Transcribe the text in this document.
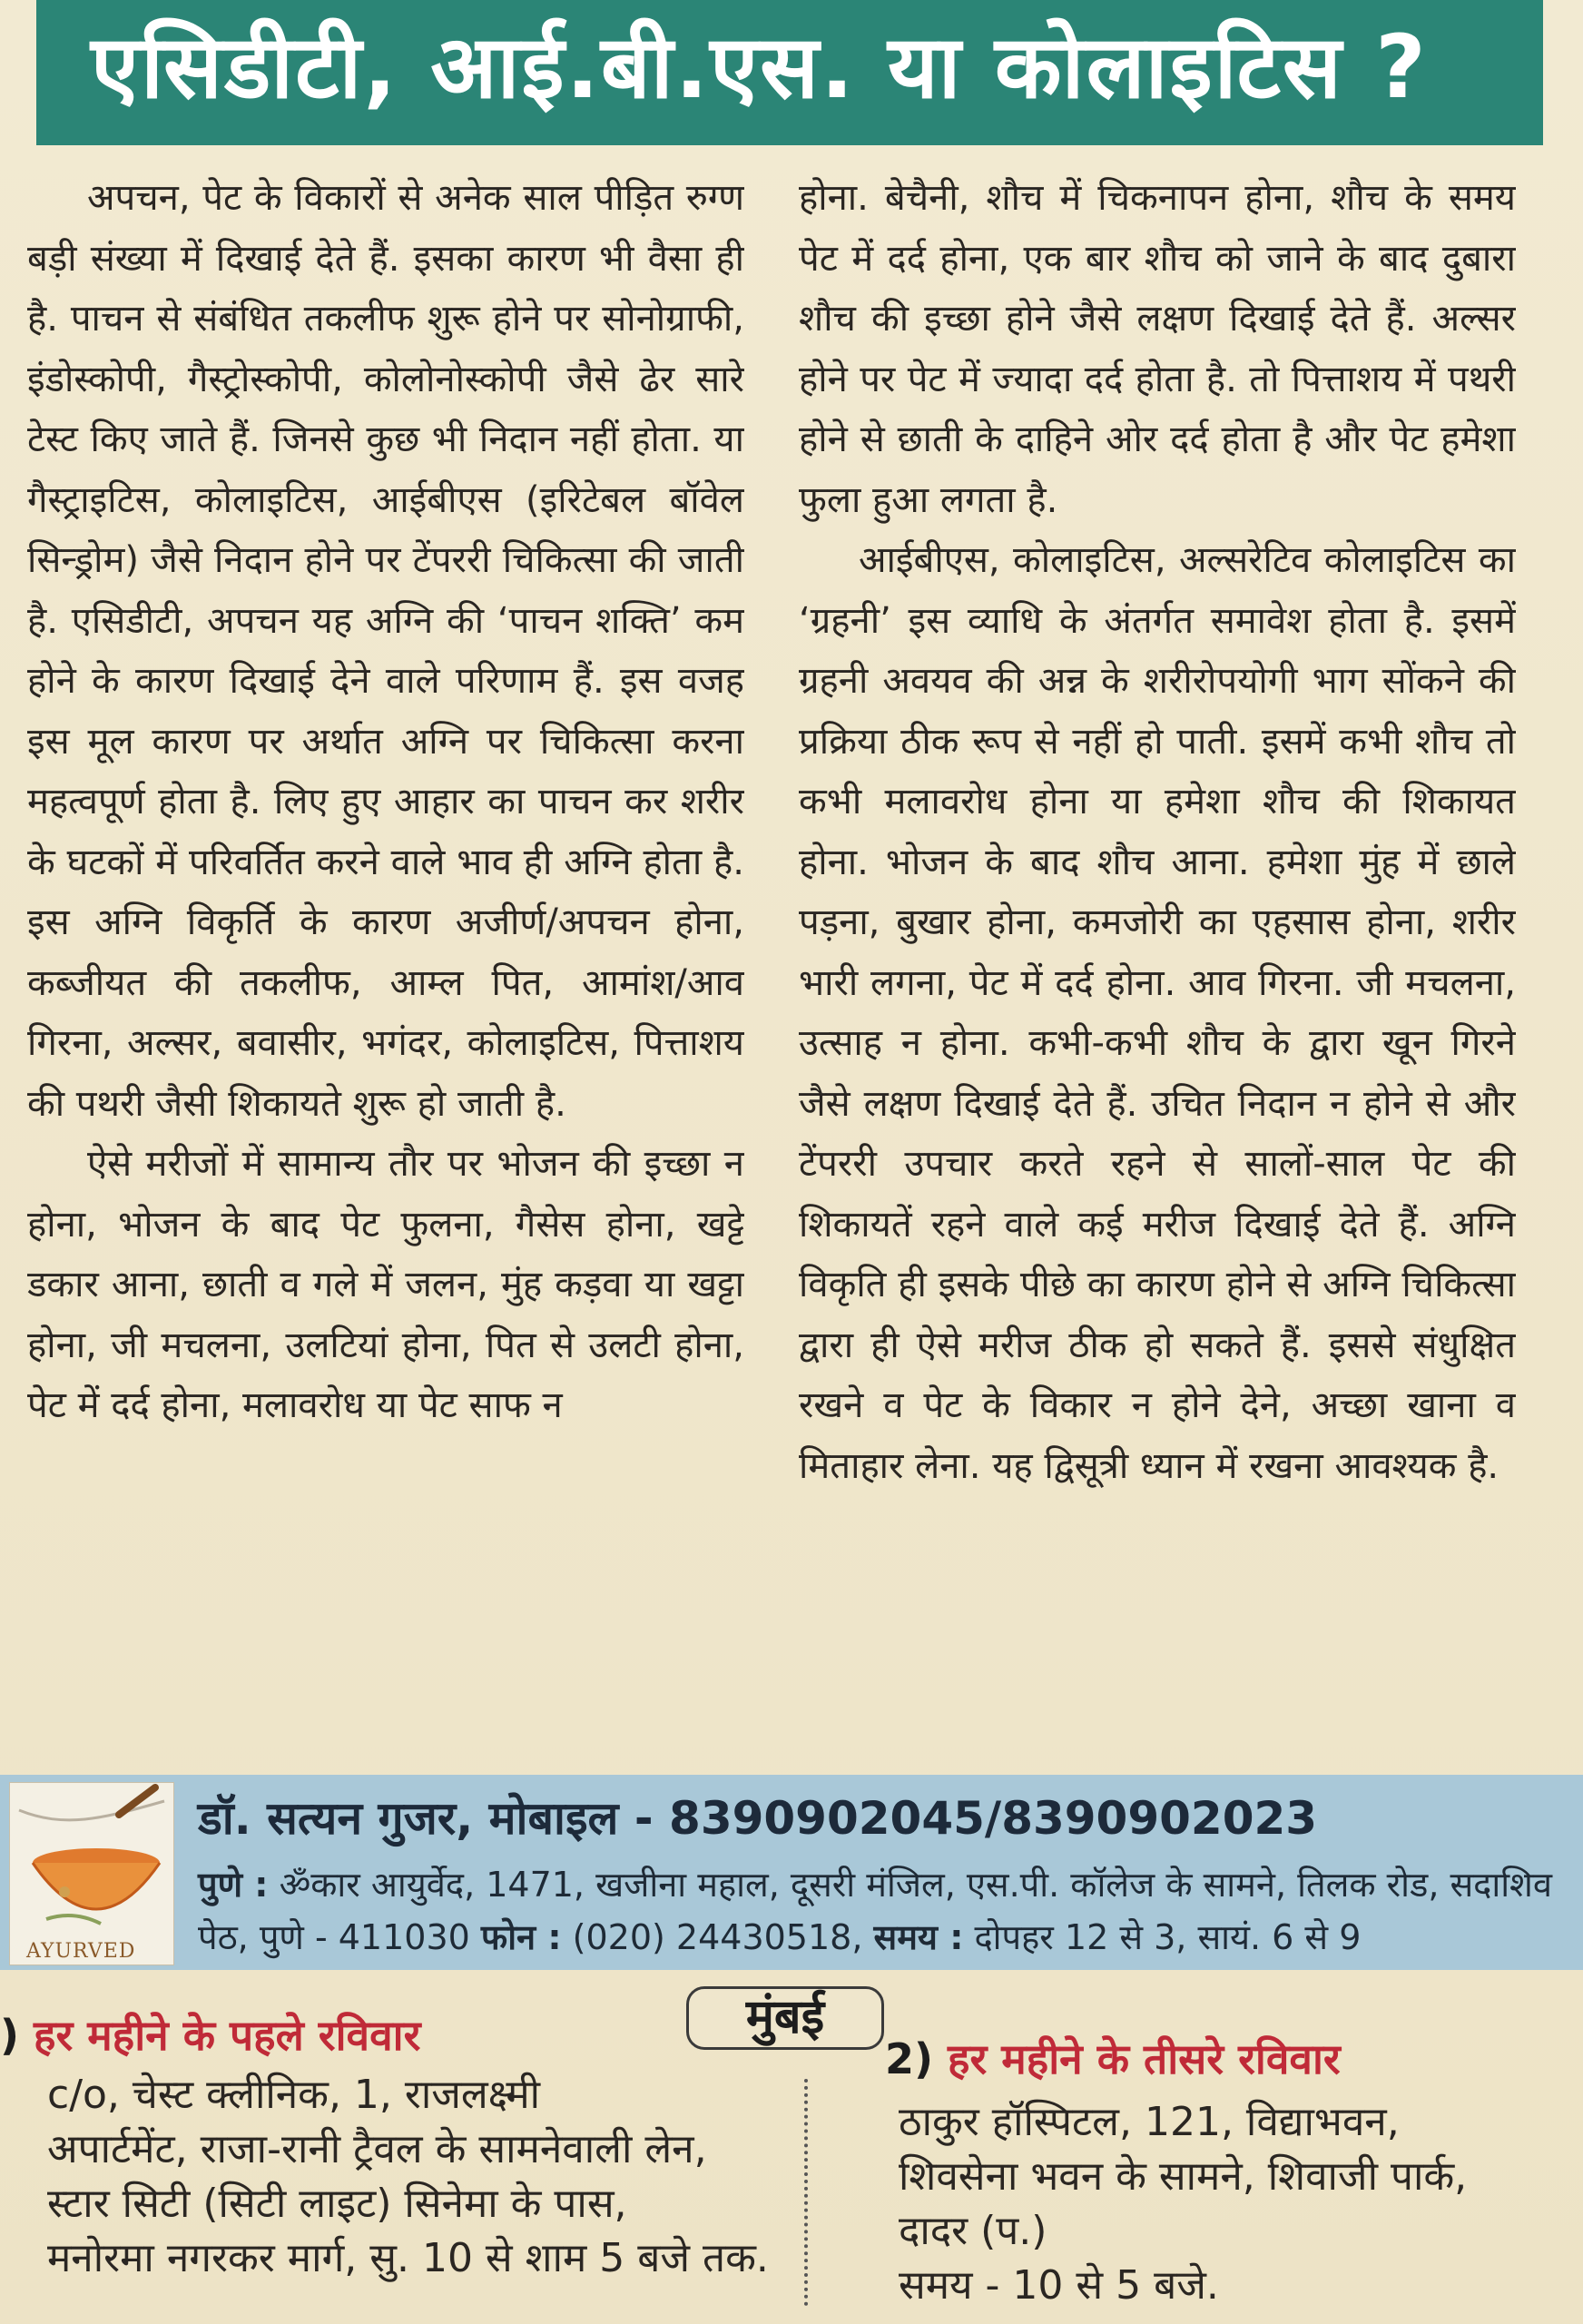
एसिडीटी, आई.बी.एस. या कोलाइटिस ?

अपचन, पेट के विकारों से अनेक साल पीड़ित रुग्ण बड़ी संख्या में दिखाई देते हैं. इसका कारण भी वैसा ही है. पाचन से संबंधित तकलीफ शुरू होने पर सोनोग्राफी, इंडोस्कोपी, गैस्ट्रोस्कोपी, कोलोनोस्कोपी जैसे ढेर सारे टेस्ट किए जाते हैं. जिनसे कुछ भी निदान नहीं होता. या गैस्ट्राइटिस, कोलाइटिस, आईबीएस (इरिटेबल बॉवेल सिन्ड्रोम) जैसे निदान होने पर टेंपररी चिकित्सा की जाती है. एसिडीटी, अपचन यह अग्नि की ‘पाचन शक्ति’ कम होने के कारण दिखाई देने वाले परिणाम हैं. इस वजह इस मूल कारण पर अर्थात अग्नि पर चिकित्सा करना महत्वपूर्ण होता है. लिए हुए आहार का पाचन कर शरीर के घटकों में परिवर्तित करने वाले भाव ही अग्नि होता है. इस अग्नि विकृर्ति के कारण अजीर्ण/अपचन होना, कब्जीयत की तकलीफ, आम्ल पित, आमांश/आव गिरना, अल्सर, बवासीर, भगंदर, कोलाइटिस, पित्ताशय की पथरी जैसी शिकायते शुरू हो जाती है.

ऐसे मरीजों में सामान्य तौर पर भोजन की इच्छा न होना, भोजन के बाद पेट फुलना, गैसेस होना, खट्टे डकार आना, छाती व गले में जलन, मुंह कड़वा या खट्टा होना, जी मचलना, उलटियां होना, पित से उलटी होना, पेट में दर्द होना, मलावरोध या पेट साफ न

होना. बेचैनी, शौच में चिकनापन होना, शौच के समय पेट में दर्द होना, एक बार शौच को जाने के बाद दुबारा शौच की इच्छा होने जैसे लक्षण दिखाई देते हैं. अल्सर होने पर पेट में ज्यादा दर्द होता है. तो पित्ताशय में पथरी होने से छाती के दाहिने ओर दर्द होता है और पेट हमेशा फुला हुआ लगता है.

आईबीएस, कोलाइटिस, अल्सरेटिव कोलाइटिस का ‘ग्रहनी’ इस व्याधि के अंतर्गत समावेश होता है. इसमें ग्रहनी अवयव की अन्न के शरीरोपयोगी भाग सोंकने की प्रक्रिया ठीक रूप से नहीं हो पाती. इसमें कभी शौच तो कभी मलावरोध होना या हमेशा शौच की शिकायत होना. भोजन के बाद शौच आना. हमेशा मुंह में छाले पड़ना, बुखार होना, कमजोरी का एहसास होना, शरीर भारी लगना, पेट में दर्द होना. आव गिरना. जी मचलना, उत्साह न होना. कभी-कभी शौच के द्वारा खून गिरने जैसे लक्षण दिखाई देते हैं. उचित निदान न होने से और टेंपररी उपचार करते रहने से सालों-साल पेट की शिकायतें रहने वाले कई मरीज दिखाई देते हैं. अग्नि विकृति ही इसके पीछे का कारण होने से अग्नि चिकित्सा द्वारा ही ऐसे मरीज ठीक हो सकते हैं. इससे संधुक्षित रखने व पेट के विकार न होने देने, अच्छा खाना व मिताहार लेना. यह द्विसूत्री ध्यान में रखना आवश्यक है.

AYURVED
डॉ. सत्यन गुजर, मोबाइल - 8390902045/8390902023
पुणे : ॐकार आयुर्वेद, 1471, खजीना महाल, दूसरी मंजिल, एस.पी. कॉलेज के सामने, तिलक रोड, सदाशिव पेठ, पुणे - 411030 फोन : (020) 24430518, समय : दोपहर 12 से 3, सायं. 6 से 9
मुंबई
) हर महीने के पहले रविवार
c/o, चेस्ट क्लीनिक, 1, राजलक्ष्मी
अपार्टमेंट, राजा-रानी ट्रैवल के सामनेवाली लेन,
स्टार सिटी (सिटी लाइट) सिनेमा के पास,
मनोरमा नगरकर मार्ग, सु. 10 से शाम 5 बजे तक.
2) हर महीने के तीसरे रविवार
ठाकुर हॉस्पिटल, 121, विद्याभवन,
शिवसेना भवन के सामने, शिवाजी पार्क,
दादर (प.)
समय - 10 से 5 बजे.
